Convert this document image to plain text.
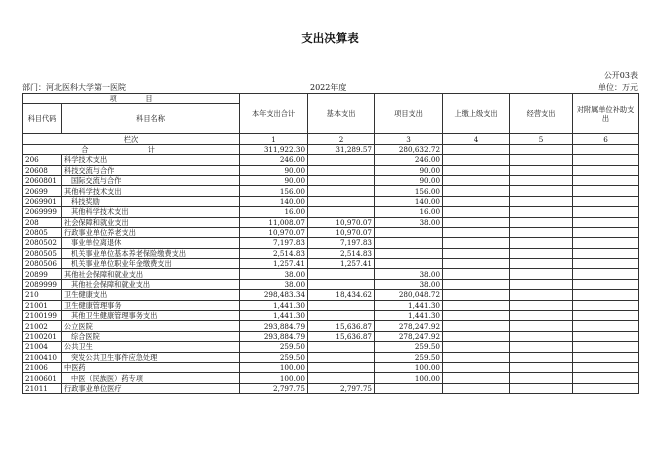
支出决算表
公开03表
部门：河北医科大学第一医院	2022年度	单位：万元
项　　　　目		本年支出合计	基本支出	项目支出	上缴上级支出	经营支出	对附属单位补助支出
科目代码	科目名称						
栏次		1	2	3	4	5	6
合　计		311,922.30	31,289.57	280,632.72			
206	科学技术支出	246.00		246.00			
20608	科技交流与合作	90.00		90.00			
2060801	国际交流与合作	90.00		90.00			
20699	其他科学技术支出	156.00		156.00			
2069901	科技奖励	140.00		140.00			
2069999	其他科学技术支出	16.00		16.00			
208	社会保障和就业支出	11,008.07	10,970.07	38.00			
20805	行政事业单位养老支出	10,970.07	10,970.07				
2080502	事业单位离退休	7,197.83	7,197.83				
2080505	机关事业单位基本养老保险缴费支出	2,514.83	2,514.83				
2080506	机关事业单位职业年金缴费支出	1,257.41	1,257.41				
20899	其他社会保障和就业支出	38.00		38.00			
2089999	其他社会保障和就业支出	38.00		38.00			
210	卫生健康支出	298,483.34	18,434.62	280,048.72			
21001	卫生健康管理事务	1,441.30		1,441.30			
2100199	其他卫生健康管理事务支出	1,441.30		1,441.30			
21002	公立医院	293,884.79	15,636.87	278,247.92			
2100201	综合医院	293,884.79	15,636.87	278,247.92			
21004	公共卫生	259.50		259.50			
2100410	突发公共卫生事件应急处理	259.50		259.50			
21006	中医药	100.00		100.00			
2100601	中医（民族医）药专项	100.00		100.00			
21011	行政事业单位医疗	2,797.75	2,797.75				
